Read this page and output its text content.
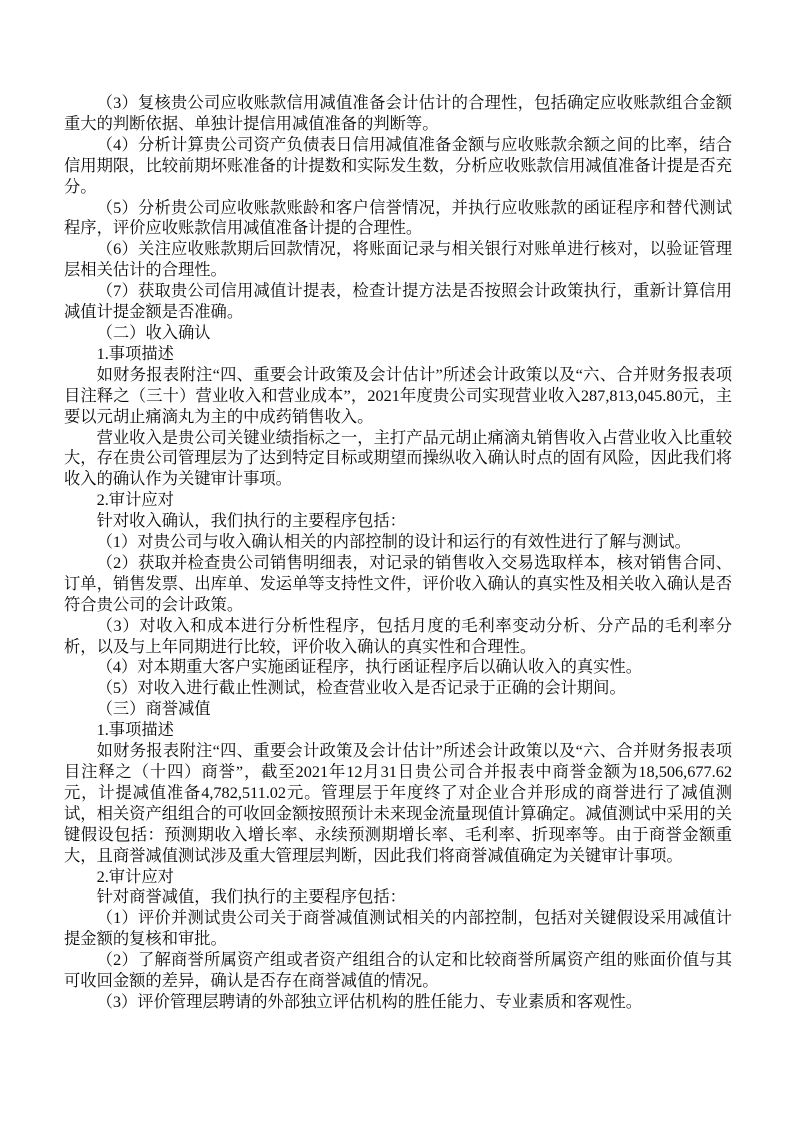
（3）复核贵公司应收账款信用减值准备会计估计的合理性，包括确定应收账款组合金额重大的判断依据、单独计提信用减值准备的判断等。

（4）分析计算贵公司资产负债表日信用减值准备金额与应收账款余额之间的比率，结合信用期限，比较前期坏账准备的计提数和实际发生数，分析应收账款信用减值准备计提是否充分。

（5）分析贵公司应收账款账龄和客户信誉情况，并执行应收账款的函证程序和替代测试程序，评价应收账款信用减值准备计提的合理性。

（6）关注应收账款期后回款情况，将账面记录与相关银行对账单进行核对，以验证管理层相关估计的合理性。

（7）获取贵公司信用减值计提表，检查计提方法是否按照会计政策执行，重新计算信用减值计提金额是否准确。

（二）收入确认

1.事项描述

如财务报表附注“四、重要会计政策及会计估计”所述会计政策以及“六、合并财务报表项目注释之（三十）营业收入和营业成本”，2021年度贵公司实现营业收入287,813,045.80元，主要以元胡止痛滴丸为主的中成药销售收入。

营业收入是贵公司关键业绩指标之一，主打产品元胡止痛滴丸销售收入占营业收入比重较大，存在贵公司管理层为了达到特定目标或期望而操纵收入确认时点的固有风险，因此我们将收入的确认作为关键审计事项。

2.审计应对

针对收入确认，我们执行的主要程序包括：

（1）对贵公司与收入确认相关的内部控制的设计和运行的有效性进行了解与测试。

（2）获取并检查贵公司销售明细表，对记录的销售收入交易选取样本，核对销售合同、订单，销售发票、出库单、发运单等支持性文件，评价收入确认的真实性及相关收入确认是否符合贵公司的会计政策。

（3）对收入和成本进行分析性程序，包括月度的毛利率变动分析、分产品的毛利率分析，以及与上年同期进行比较，评价收入确认的真实性和合理性。

（4）对本期重大客户实施函证程序，执行函证程序后以确认收入的真实性。

（5）对收入进行截止性测试，检查营业收入是否记录于正确的会计期间。

（三）商誉减值

1.事项描述

如财务报表附注“四、重要会计政策及会计估计”所述会计政策以及“六、合并财务报表项目注释之（十四）商誉”，截至2021年12月31日贵公司合并报表中商誉金额为18,506,677.62元，计提减值准备4,782,511.02元。管理层于年度终了对企业合并形成的商誉进行了减值测试，相关资产组组合的可收回金额按照预计未来现金流量现值计算确定。减值测试中采用的关键假设包括：预测期收入增长率、永续预测期增长率、毛利率、折现率等。由于商誉金额重大，且商誉减值测试涉及重大管理层判断，因此我们将商誉减值确定为关键审计事项。

2.审计应对

针对商誉减值，我们执行的主要程序包括：

（1）评价并测试贵公司关于商誉减值测试相关的内部控制，包括对关键假设采用减值计提金额的复核和审批。

（2）了解商誉所属资产组或者资产组组合的认定和比较商誉所属资产组的账面价值与其可收回金额的差异，确认是否存在商誉减值的情况。

（3）评价管理层聘请的外部独立评估机构的胜任能力、专业素质和客观性。
